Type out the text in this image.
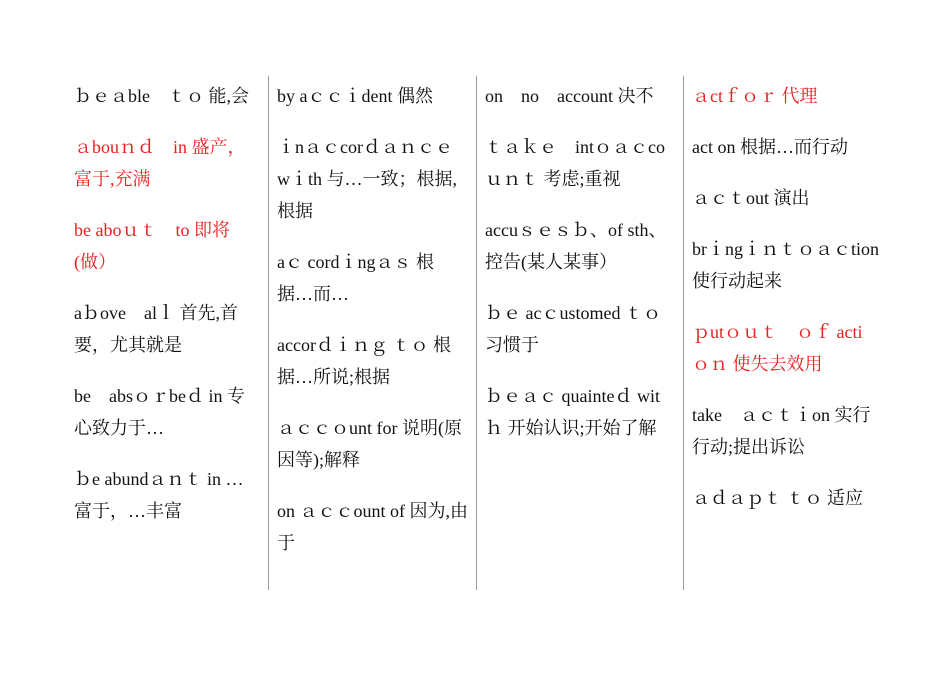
ｂｅａble　ｔｏ 能,会
ａbouｎｄ　in 盛产，富于,充满
be aboｕｔ　to 即将(做）
aｂove　alｌ 首先,首要，尤其就是
be　absｏｒbeｄ in 专心致力于…
ｂe abundａｎｔ in …富于，…丰富
by aｃｃｉdent 偶然
ｉnａｃcorｄａｎｃｅ　wｉth 与…一致；根据,根据
aｃ cordｉngａｓ 根据…而…
accorｄｉｎｇ ｔｏ 根据…所说;根据
ａｃｃｏunt for 说明(原因等);解释
on ａｃｃount of 因为,由于
on　no　account 决不
ｔａｋｅ　intｏａｃcoｕｎｔ 考虑;重视
accuｓｅｓｂ、of sth、 控告(某人某事）
ｂｅ acｃustomed ｔｏ 习惯于
ｂｅａｃ quainteｄ witｈ 开始认识;开始了解
ａctｆｏｒ 代理
act on 根据…而行动
ａｃｔout 演出
brｉngｉｎｔｏａｃtion 使行动起来
ｐutｏｕｔ　ｏｆ actiｏｎ 使失去效用
take　ａｃｔｉon 实行行动;提出诉讼
ａｄａｐｔ ｔｏ 适应
